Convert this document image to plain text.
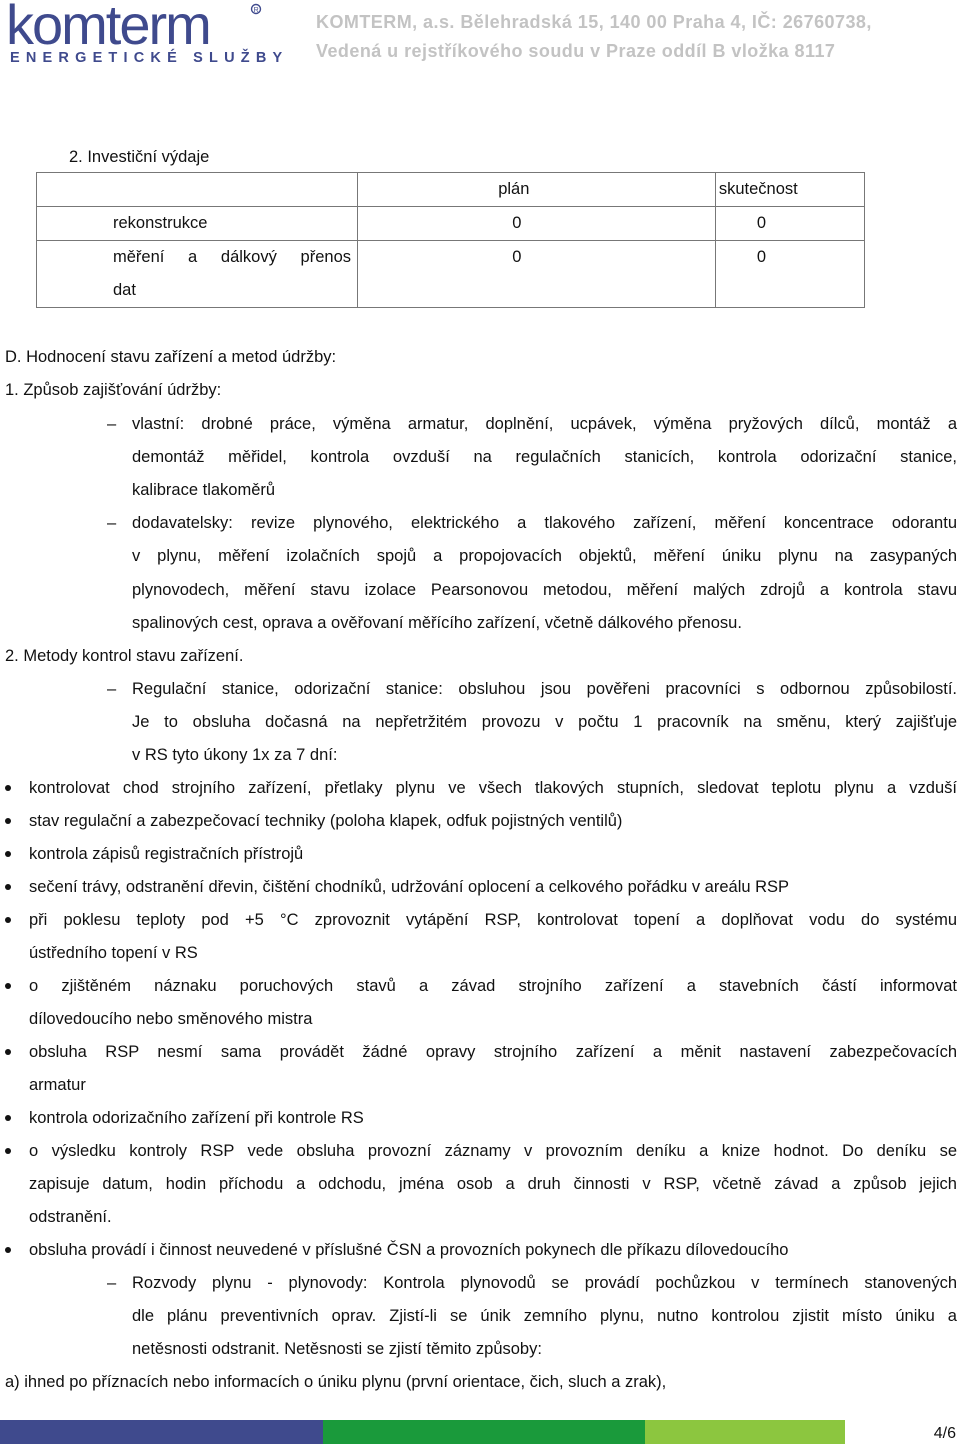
komterm	R
ENERGETICKÉ SLUŽBY
KOMTERM, a.s. Bělehradská 15, 140 00 Praha 4, IČ: 26760738,
Vedená u rejstříkového soudu v Praze oddíl B vložka 8117
2. Investiční výdaje
	plán	skutečnost

rekonstrukce	0	0

měření a dálkový přenos
dat	0	0
D. Hodnocení stavu zařízení a metod údržby:
1. Způsob zajišťování údržby:
– vlastní: drobné práce, výměna armatur, doplnění, ucpávek, výměna pryžových dílců, montáž a
demontáž měřidel, kontrola ovzduší na regulačních stanicích, kontrola odorizační stanice,
kalibrace tlakoměrů
– dodavatelsky: revize plynového, elektrického a tlakového zařízení, měření koncentrace odorantu
v plynu, měření izolačních spojů a propojovacích objektů, měření úniku plynu na zasypaných
plynovodech, měření stavu izolace Pearsonovou metodou, měření malých zdrojů a kontrola stavu
spalinových cest, oprava a ověřovaní měřícího zařízení, včetně dálkového přenosu.
2. Metody kontrol stavu zařízení.
– Regulační stanice, odorizační stanice: obsluhou jsou pověřeni pracovníci s odbornou způsobilostí.
Je to obsluha dočasná na nepřetržitém provozu v počtu 1 pracovník na směnu, který zajišťuje
v RS tyto úkony 1x za 7 dní:
kontrolovat chod strojního zařízení, přetlaky plynu ve všech tlakových stupních, sledovat teplotu plynu a vzduší
stav regulační a zabezpečovací techniky (poloha klapek, odfuk pojistných ventilů)
kontrola zápisů registračních přístrojů
sečení trávy, odstranění dřevin, čištění chodníků, udržování oplocení a celkového pořádku v areálu RSP
při poklesu teploty pod +5 °C zprovoznit vytápění RSP, kontrolovat topení a doplňovat vodu do systému
ústředního topení v RS
o zjištěném náznaku poruchových stavů a závad strojního zařízení a stavebních částí informovat
dílovedoucího nebo směnového mistra
obsluha RSP nesmí sama provádět žádné opravy strojního zařízení a měnit nastavení zabezpečovacích
armatur
kontrola odorizačního zařízení při kontrole RS
o výsledku kontroly RSP vede obsluha provozní záznamy v provozním deníku a knize hodnot. Do deníku se
zapisuje datum, hodin příchodu a odchodu, jména osob a druh činnosti v RSP, včetně závad a způsob jejich
odstranění.
obsluha provádí i činnost neuvedené v příslušné ČSN a provozních pokynech dle příkazu dílovedoucího
– Rozvody plynu - plynovody: Kontrola plynovodů se provádí pochůzkou v termínech stanovených
dle plánu preventivních oprav. Zjistí-li se únik zemního plynu, nutno kontrolou zjistit místo úniku a
netěsnosti odstranit. Netěsnosti se zjistí těmito způsoby:
a) ihned po příznacích nebo informacích o úniku plynu (první orientace, čich, sluch a zrak),
4/6
